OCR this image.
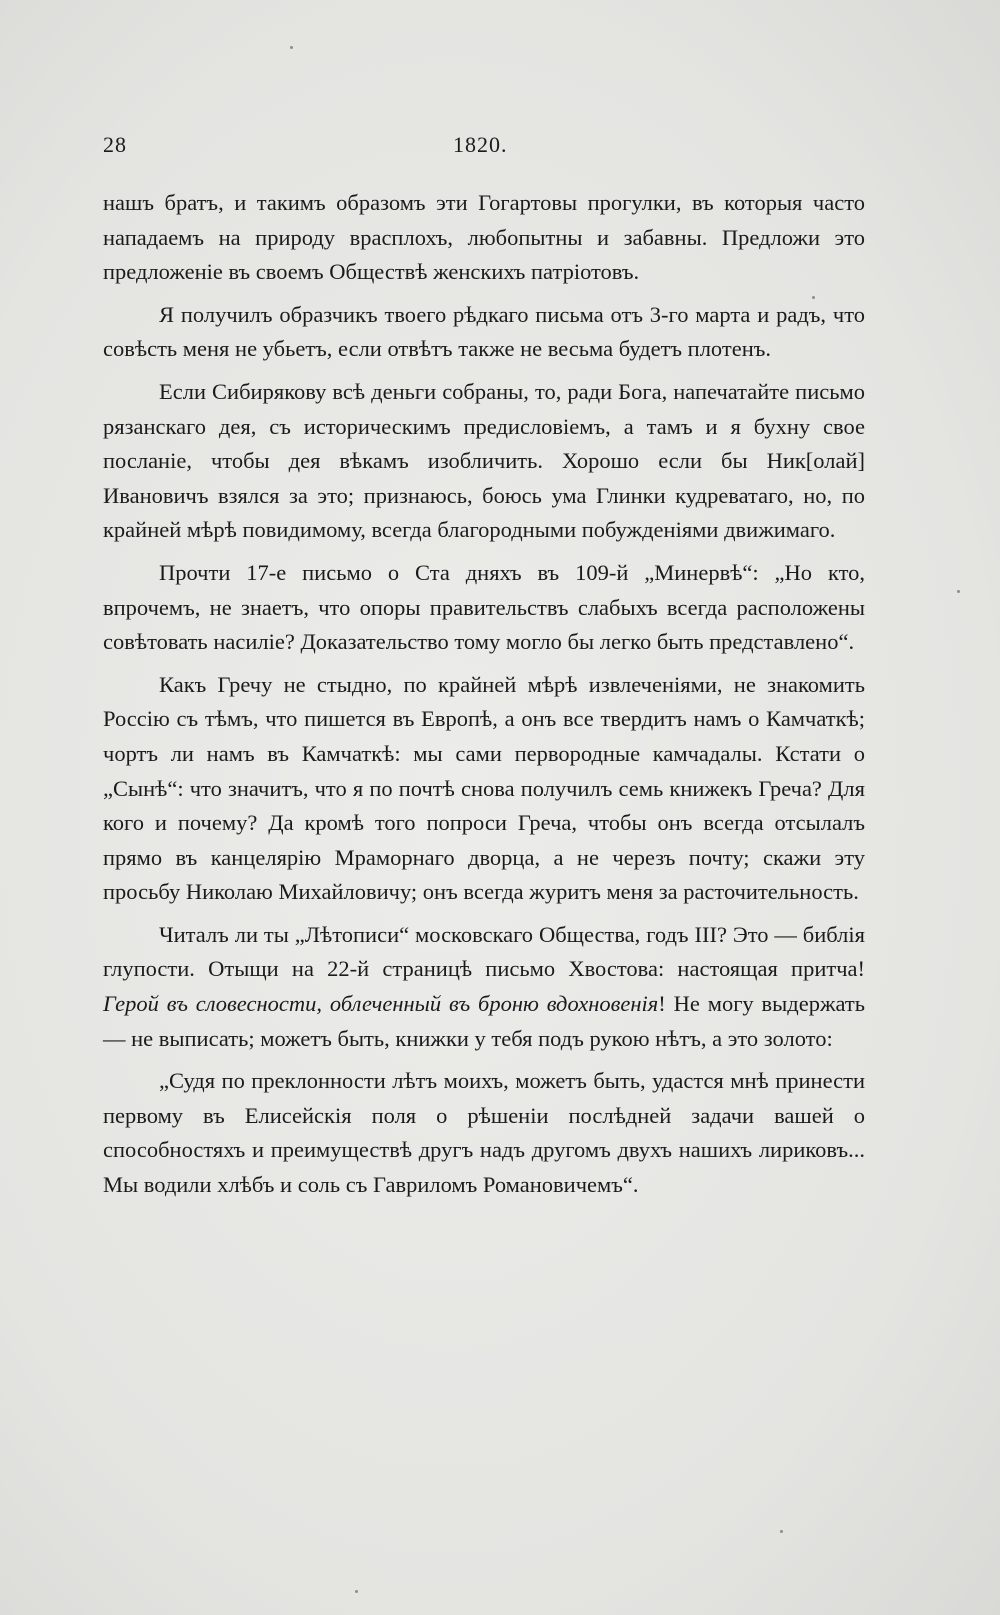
28	1820.

нашъ братъ, и такимъ образомъ эти Гогартовы прогулки, въ которыя часто нападаемъ на природу врасплохъ, любопытны и забавны. Предложи это предложеніе въ своемъ Обществѣ женскихъ патріотовъ.

Я получилъ образчикъ твоего рѣдкаго письма отъ 3-го марта и радъ, что совѣсть меня не убьетъ, если отвѣтъ также не весьма будетъ плотенъ.

Если Сибирякову всѣ деньги собраны, то, ради Бога, напечатайте письмо рязанскаго дея, съ историческимъ предисловіемъ, а тамъ и я бухну свое посланіе, чтобы дея вѣкамъ изобличить. Хорошо если бы Ник[олай] Ивановичъ взялся за это; признаюсь, боюсь ума Глинки кудреватаго, но, по крайней мѣрѣ повидимому, всегда благородными побужденіями движимаго.

Прочти 17-е письмо о Ста дняхъ въ 109-й „Минервѣ“: „Но кто, впрочемъ, не знаетъ, что опоры правительствъ слабыхъ всегда расположены совѣтовать насиліе? Доказательство тому могло бы легко быть представлено“.

Какъ Гречу не стыдно, по крайней мѣрѣ извлеченіями, не знакомить Россію съ тѣмъ, что пишется въ Европѣ, а онъ все твердитъ намъ о Камчаткѣ; чортъ ли намъ въ Камчаткѣ: мы сами первородные камчадалы. Кстати о „Сынѣ“: что значитъ, что я по почтѣ снова получилъ семь книжекъ Греча? Для кого и почему? Да кромѣ того попроси Греча, чтобы онъ всегда отсылалъ прямо въ канцелярію Мраморнаго дворца, а не черезъ почту; скажи эту просьбу Николаю Михайловичу; онъ всегда журитъ меня за расточительность.

Читалъ ли ты „Лѣтописи“ московскаго Общества, годъ III? Это — библія глупости. Отыщи на 22-й страницѣ письмо Хвостова: настоящая притча! Герой въ словесности, облеченный въ броню вдохновенія! Не могу выдержать — не выписать; можетъ быть, книжки у тебя подъ рукою нѣтъ, а это золото:

„Судя по преклонности лѣтъ моихъ, можетъ быть, удастся мнѣ принести первому въ Елисейскія поля о рѣшеніи послѣдней задачи вашей о способностяхъ и преимуществѣ другъ надъ другомъ двухъ нашихъ лириковъ... Мы водили хлѣбъ и соль съ Гавриломъ Романовичемъ“.
